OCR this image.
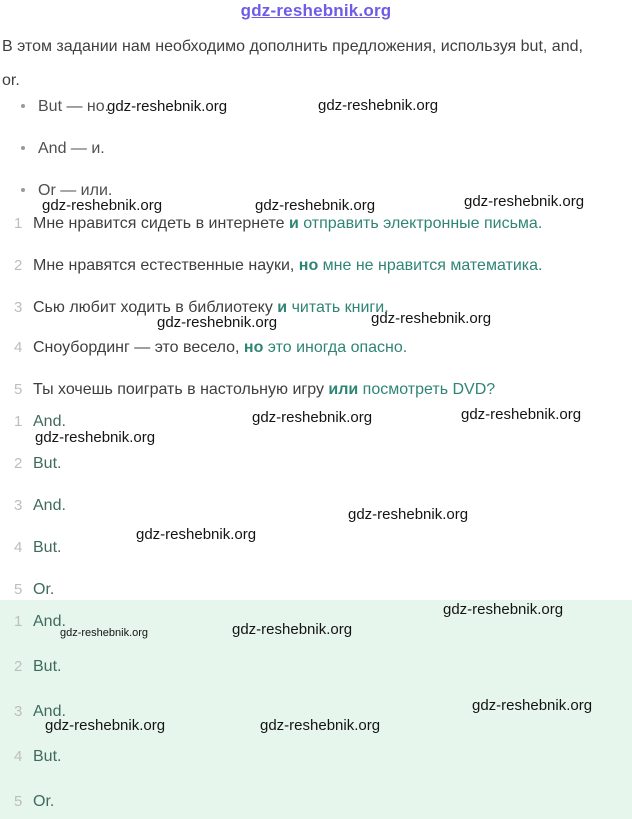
gdz-reshebnik.org
В этом задании нам необходимо дополнить предложения, используя but, and, or.
But — но.
And — и.
Or — или.
1 Мне нравится сидеть в интернете и отправить электронные письма.
2 Мне нравятся естественные науки, но мне не нравится математика.
3 Сью любит ходить в библиотеку и читать книги.
4 Сноубординг — это весело, но это иногда опасно.
5 Ты хочешь поиграть в настольную игру или посмотреть DVD?
1 And.
2 But.
3 And.
4 But.
5 Or.
1 And.
2 But.
3 And.
4 But.
5 Or.
gdz-reshebnik.org	gdz-reshebnik.org
gdz-reshebnik.org	gdz-reshebnik.org	gdz-reshebnik.org
gdz-reshebnik.org	gdz-reshebnik.org
gdz-reshebnik.org	gdz-reshebnik.org
gdz-reshebnik.org
gdz-reshebnik.org
gdz-reshebnik.org
gdz-reshebnik.org
gdz-reshebnik.org
gdz-reshebnik.org
gdz-reshebnik.org
gdz-reshebnik.org	gdz-reshebnik.org
